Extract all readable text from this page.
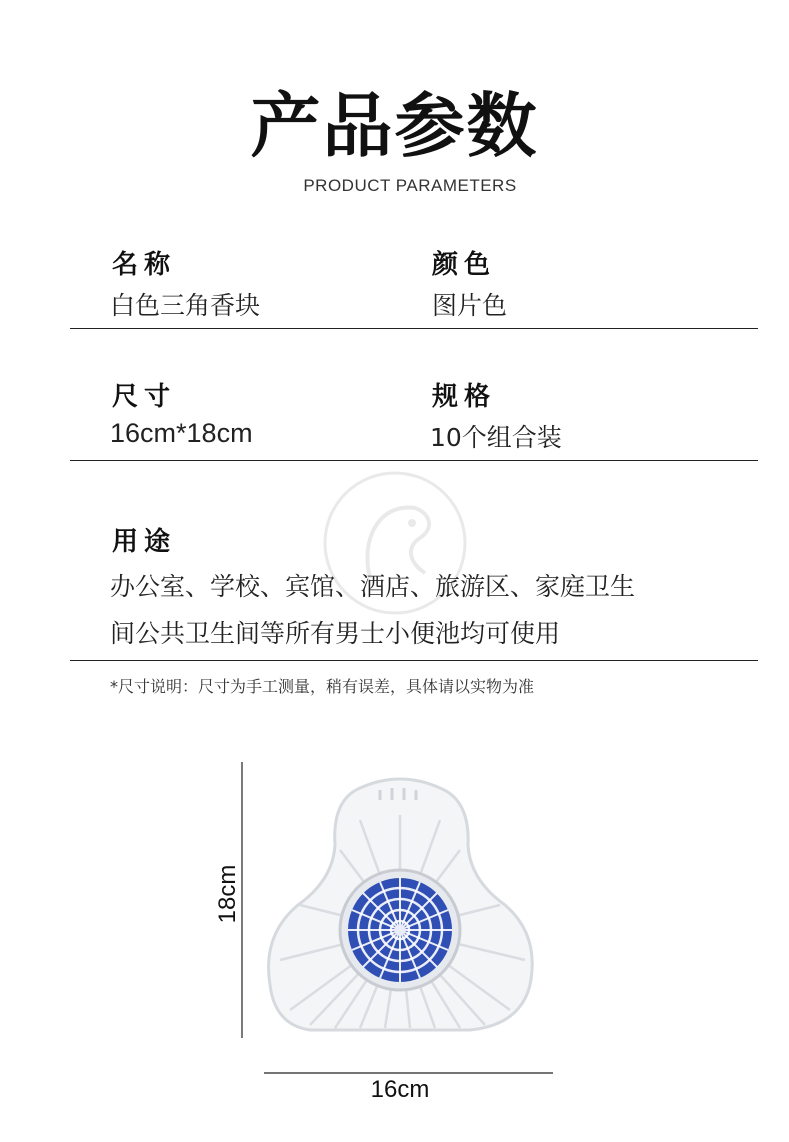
产品参数
PRODUCT PARAMETERS
名称
白色三角香块
颜色
图片色
尺寸
16cm*18cm
规格
10个组合装
用途
办公室、学校、宾馆、酒店、旅游区、家庭卫生
间公共卫生间等所有男士小便池均可使用
*尺寸说明：尺寸为手工测量，稍有误差，具体请以实物为准
18cm
16cm
